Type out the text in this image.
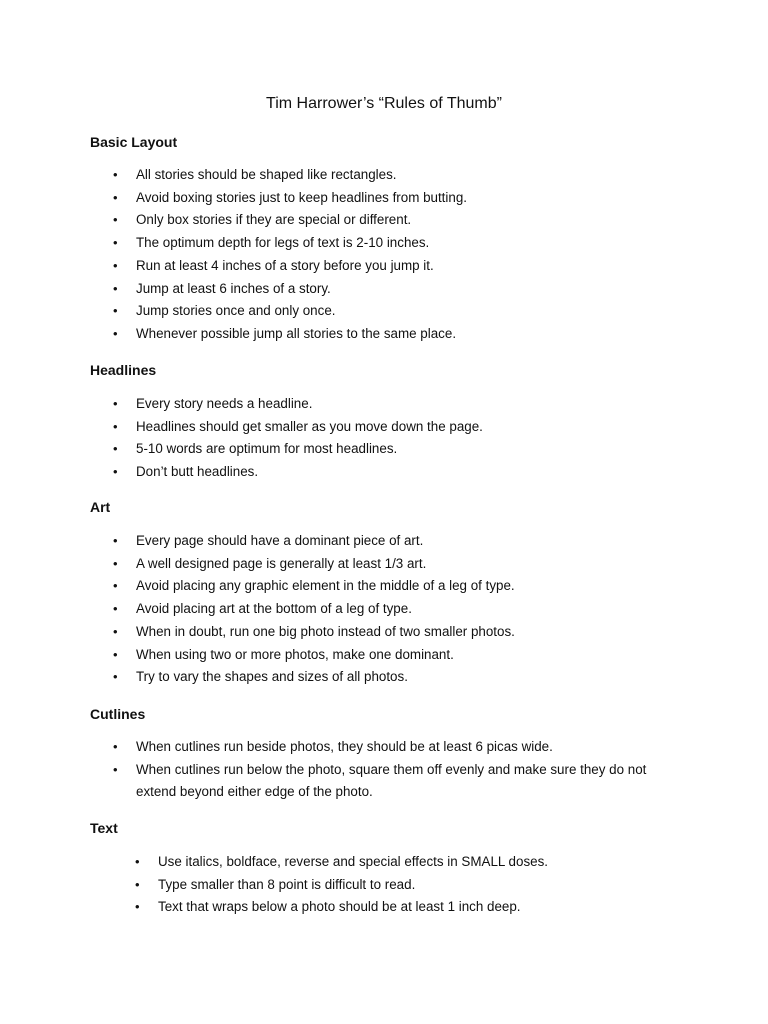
Tim Harrower’s “Rules of Thumb”
Basic Layout
• All stories should be shaped like rectangles.
• Avoid boxing stories just to keep headlines from butting.
• Only box stories if they are special or different.
• The optimum depth for legs of text is 2-10 inches.
• Run at least 4 inches of a story before you jump it.
• Jump at least 6 inches of a story.
• Jump stories once and only once.
• Whenever possible jump all stories to the same place.
Headlines
• Every story needs a headline.
• Headlines should get smaller as you move down the page.
• 5-10 words are optimum for most headlines.
• Don’t butt headlines.
Art
• Every page should have a dominant piece of art.
• A well designed page is generally at least 1/3 art.
• Avoid placing any graphic element in the middle of a leg of type.
• Avoid placing art at the bottom of a leg of type.
• When in doubt, run one big photo instead of two smaller photos.
• When using two or more photos, make one dominant.
• Try to vary the shapes and sizes of all photos.
Cutlines
• When cutlines run beside photos, they should be at least 6 picas wide.
• When cutlines run below the photo, square them off evenly and make sure they do not extend beyond either edge of the photo.
Text
• Use italics, boldface, reverse and special effects in SMALL doses.
• Type smaller than 8 point is difficult to read.
• Text that wraps below a photo should be at least 1 inch deep.
